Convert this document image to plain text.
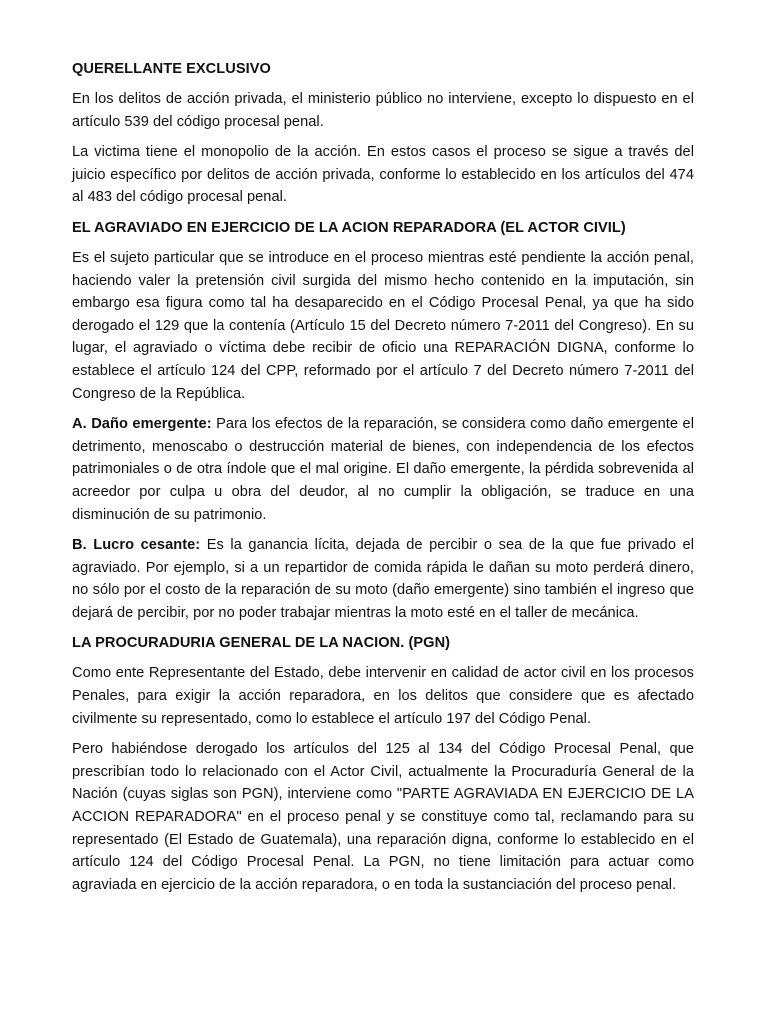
QUERELLANTE EXCLUSIVO

En los delitos de acción privada, el ministerio público no interviene, excepto lo dispuesto en el artículo 539 del código procesal penal.

La victima tiene el monopolio de la acción. En estos casos el proceso se sigue a través del juicio específico por delitos de acción privada, conforme lo establecido en los artículos del 474 al 483 del código procesal penal.

EL AGRAVIADO EN EJERCICIO DE LA ACION REPARADORA (EL ACTOR CIVIL)

Es el sujeto particular que se introduce en el proceso mientras esté pendiente la acción penal, haciendo valer la pretensión civil surgida del mismo hecho contenido en la imputación, sin embargo esa figura como tal ha desaparecido en el Código Procesal Penal, ya que ha sido derogado el 129 que la contenía (Artículo 15 del Decreto número 7-2011 del Congreso). En su lugar, el agraviado o víctima debe recibir de oficio una REPARACIÓN DIGNA, conforme lo establece el artículo 124 del CPP, reformado por el artículo 7 del Decreto número 7-2011 del Congreso de la República.

A. Daño emergente: Para los efectos de la reparación, se considera como daño emergente el detrimento, menoscabo o destrucción material de bienes, con independencia de los efectos patrimoniales o de otra índole que el mal origine. El daño emergente, la pérdida sobrevenida al acreedor por culpa u obra del deudor, al no cumplir la obligación, se traduce en una disminución de su patrimonio.

B. Lucro cesante: Es la ganancia lícita, dejada de percibir o sea de la que fue privado el agraviado. Por ejemplo, si a un repartidor de comida rápida le dañan su moto perderá dinero, no sólo por el costo de la reparación de su moto (daño emergente) sino también el ingreso que dejará de percibir, por no poder trabajar mientras la moto esté en el taller de mecánica.

LA PROCURADURIA GENERAL DE LA NACION. (PGN)

Como ente Representante del Estado, debe intervenir en calidad de actor civil en los procesos Penales, para exigir la acción reparadora, en los delitos que considere que es afectado civilmente su representado, como lo establece el artículo 197 del Código Penal.

Pero habiéndose derogado los artículos del 125 al 134 del Código Procesal Penal, que prescribían todo lo relacionado con el Actor Civil, actualmente la Procuraduría General de la Nación (cuyas siglas son PGN), interviene como "PARTE AGRAVIADA EN EJERCICIO DE LA ACCION REPARADORA" en el proceso penal y se constituye como tal, reclamando para su representado (El Estado de Guatemala), una reparación digna, conforme lo establecido en el artículo 124 del Código Procesal Penal. La PGN, no tiene limitación para actuar como agraviada en ejercicio de la acción reparadora, o en toda la sustanciación del proceso penal.
